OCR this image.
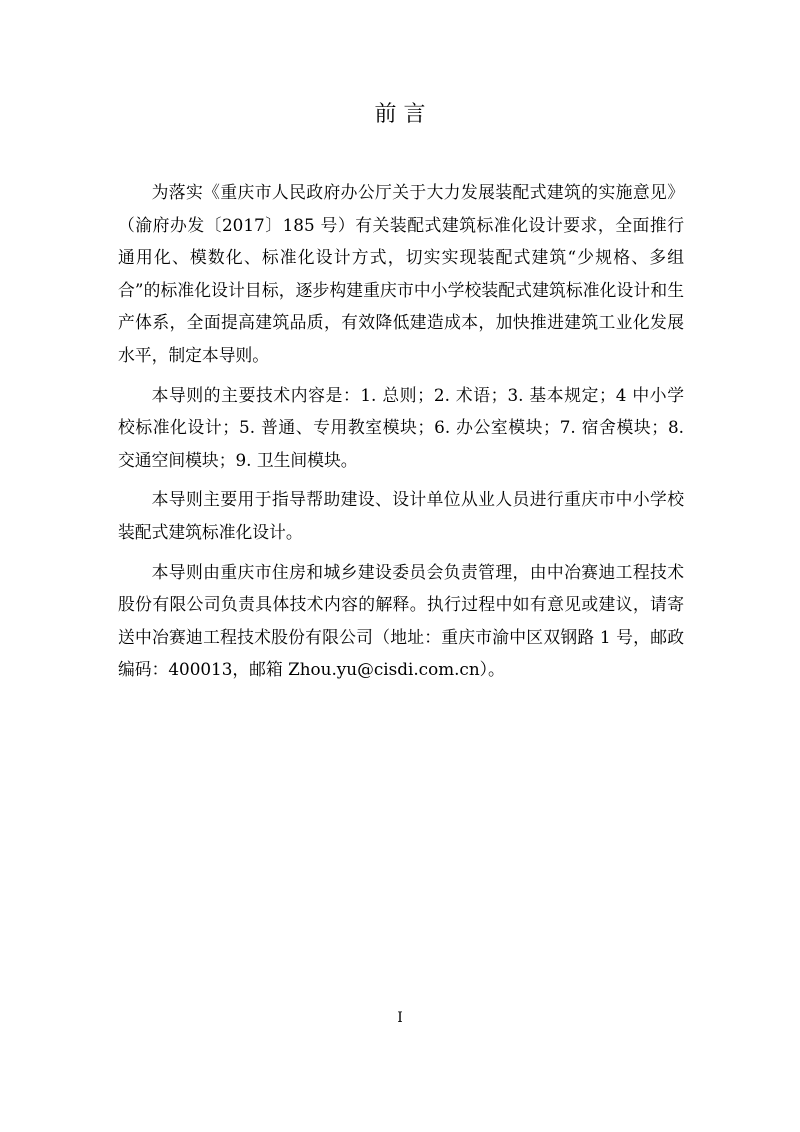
前 言

为落实《重庆市人民政府办公厅关于大力发展装配式建筑的实施意见》（渝府办发〔2017〕185 号）有关装配式建筑标准化设计要求，全面推行通用化、模数化、标准化设计方式，切实实现装配式建筑“少规格、多组合”的标准化设计目标，逐步构建重庆市中小学校装配式建筑标准化设计和生产体系，全面提高建筑品质，有效降低建造成本，加快推进建筑工业化发展水平，制定本导则。

本导则的主要技术内容是：1. 总则；2. 术语；3. 基本规定；4 中小学校标准化设计；5. 普通、专用教室模块；6. 办公室模块；7. 宿舍模块；8. 交通空间模块；9. 卫生间模块。

本导则主要用于指导帮助建设、设计单位从业人员进行重庆市中小学校装配式建筑标准化设计。

本导则由重庆市住房和城乡建设委员会负责管理，由中冶赛迪工程技术股份有限公司负责具体技术内容的解释。执行过程中如有意见或建议，请寄送中冶赛迪工程技术股份有限公司（地址：重庆市渝中区双钢路 1 号，邮政编码：400013，邮箱 Zhou.yu@cisdi.com.cn）。

I
